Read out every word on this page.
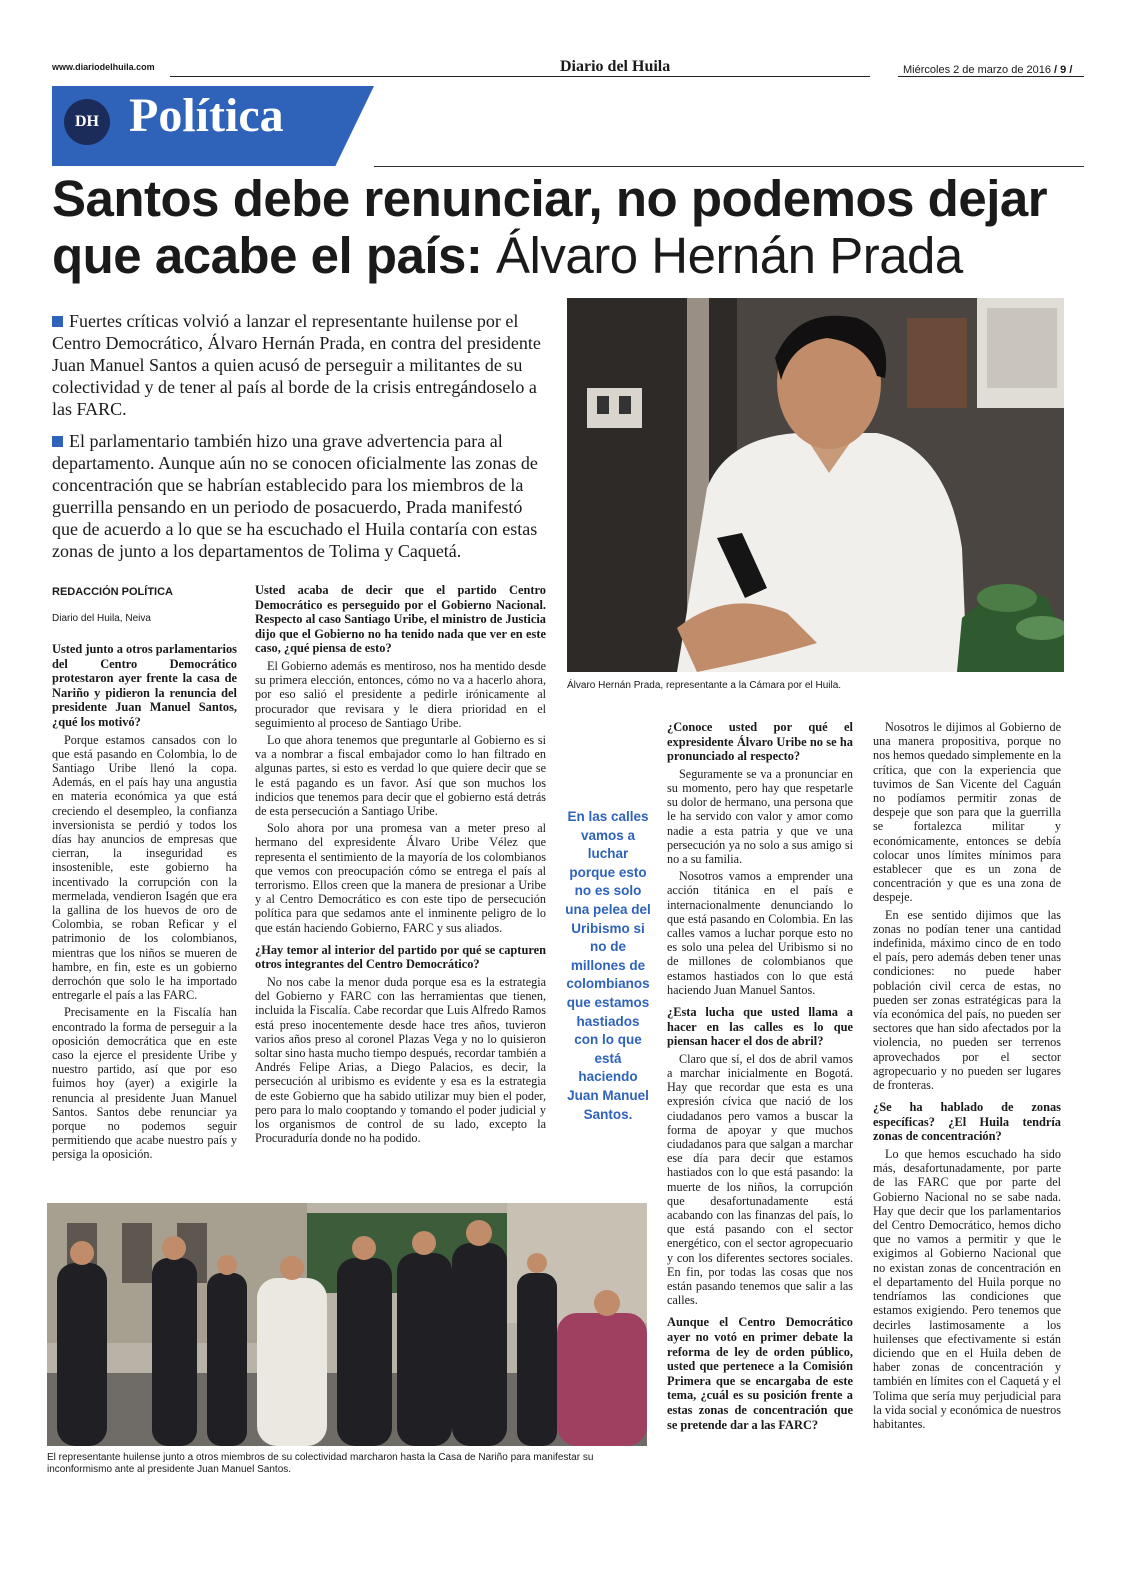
www.diariodelhuila.com	Diario del Huila	Miércoles 2 de marzo de 2016 / 9 /
DH Política
Santos debe renunciar, no podemos dejar que acabe el país: Álvaro Hernán Prada
Fuertes críticas volvió a lanzar el representante huilense por el Centro Democrático, Álvaro Hernán Prada, en contra del presidente Juan Manuel Santos a quien acusó de perseguir a militantes de su colectividad y de tener al país al borde de la crisis entregándoselo a las FARC.
El parlamentario también hizo una grave advertencia para al departamento. Aunque aún no se conocen oficialmente las zonas de concentración que se habrían establecido para los miembros de la guerrilla pensando en un periodo de posacuerdo, Prada manifestó que de acuerdo a lo que se ha escuchado el Huila contaría con estas zonas de junto a los departamentos de Tolima y Caquetá.
REDACCIÓN POLÍTICA
Diario del Huila, Neiva

Usted junto a otros parlamentarios del Centro Democrático protestaron ayer frente la casa de Nariño y pidieron la renuncia del presidente Juan Manuel Santos, ¿qué los motivó?

Porque estamos cansados con lo que está pasando en Colombia, lo de Santiago Uribe llenó la copa. Además, en el país hay una angustia en materia económica ya que está creciendo el desempleo, la confianza inversionista se perdió y todos los días hay anuncios de empresas que cierran, la inseguridad es insostenible, este gobierno ha incentivado la corrupción con la mermelada, vendieron Isagén que era la gallina de los huevos de oro de Colombia, se roban Reficar y el patrimonio de los colombianos, mientras que los niños se mueren de hambre, en fin, este es un gobierno derrochón que solo le ha importado entregarle el país a las FARC.

Precisamente en la Fiscalía han encontrado la forma de perseguir a la oposición democrática que en este caso la ejerce el presidente Uribe y nuestro partido, así que por eso fuimos hoy (ayer) a exigirle la renuncia al presidente Juan Manuel Santos. Santos debe renunciar ya porque no podemos seguir permitiendo que acabe nuestro país y persiga la oposición.

Usted acaba de decir que el partido Centro Democrático es perseguido por el Gobierno Nacional. Respecto al caso Santiago Uribe, el ministro de Justicia dijo que el Gobierno no ha tenido nada que ver en este caso, ¿qué piensa de esto?

El Gobierno además es mentiroso, nos ha mentido desde su primera elección, entonces, cómo no va a hacerlo ahora, por eso salió el presidente a pedirle irónicamente al procurador que revisara y le diera prioridad en el seguimiento al proceso de Santiago Uribe.

Lo que ahora tenemos que preguntarle al Gobierno es si va a nombrar a fiscal embajador como lo han filtrado en algunas partes, si esto es verdad lo que quiere decir que se le está pagando es un favor. Así que son muchos los indicios que tenemos para decir que el gobierno está detrás de esta persecución a Santiago Uribe.

Solo ahora por una promesa van a meter preso al hermano del expresidente Álvaro Uribe Vélez que representa el sentimiento de la mayoría de los colombianos que vemos con preocupación cómo se entrega el país al terrorismo. Ellos creen que la manera de presionar a Uribe y al Centro Democrático es con este tipo de persecución política para que sedamos ante el inminente peligro de lo que están haciendo Gobierno, FARC y sus aliados.

¿Hay temor al interior del partido por qué se capturen otros integrantes del Centro Democrático?

No nos cabe la menor duda porque esa es la estrategia del Gobierno y FARC con las herramientas que tienen, incluida la Fiscalía. Cabe recordar que Luis Alfredo Ramos está preso inocentemente desde hace tres años, tuvieron varios años preso al coronel Plazas Vega y no lo quisieron soltar sino hasta mucho tiempo después, recordar también a Andrés Felipe Arias, a Diego Palacios, es decir, la persecución al uribismo es evidente y esa es la estrategia de este Gobierno que ha sabido utilizar muy bien el poder, pero para lo malo cooptando y tomando el poder judicial y los organismos de control de su lado, excepto la Procuraduría donde no ha podido.

Álvaro Hernán Prada, representante a la Cámara por el Huila.
En las calles vamos a luchar porque esto no es solo una pelea del Uribismo si no de millones de colombianos que estamos hastiados con lo que está haciendo Juan Manuel Santos.

¿Conoce usted por qué el expresidente Álvaro Uribe no se ha pronunciado al respecto?

Seguramente se va a pronunciar en su momento, pero hay que respetarle su dolor de hermano, una persona que le ha servido con valor y amor como nadie a esta patria y que ve una persecución ya no solo a sus amigo si no a su familia.

Nosotros vamos a emprender una acción titánica en el país e internacionalmente denunciando lo que está pasando en Colombia. En las calles vamos a luchar porque esto no es solo una pelea del Uribismo si no de millones de colombianos que estamos hastiados con lo que está haciendo Juan Manuel Santos.

¿Esta lucha que usted llama a hacer en las calles es lo que piensan hacer el dos de abril?

Claro que sí, el dos de abril vamos a marchar inicialmente en Bogotá. Hay que recordar que esta es una expresión cívica que nació de los ciudadanos pero vamos a buscar la forma de apoyar y que muchos ciudadanos para que salgan a marchar ese día para decir que estamos hastiados con lo que está pasando: la muerte de los niños, la corrupción que desafortunadamente está acabando con las finanzas del país, lo que está pasando con el sector energético, con el sector agropecuario y con los diferentes sectores sociales. En fin, por todas las cosas que nos están pasando tenemos que salir a las calles.

Aunque el Centro Democrático ayer no votó en primer debate la reforma de ley de orden público, usted que pertenece a la Comisión Primera que se encargaba de este tema, ¿cuál es su posición frente a estas zonas de concentración que se pretende dar a las FARC?

Nosotros le dijimos al Gobierno de una manera propositiva, porque no nos hemos quedado simplemente en la crítica, que con la experiencia que tuvimos de San Vicente del Caguán no podíamos permitir zonas de despeje que son para que la guerrilla se fortalezca militar y económicamente, entonces se debía colocar unos límites mínimos para establecer que es un zona de concentración y que es una zona de despeje.

En ese sentido dijimos que las zonas no podían tener una cantidad indefinida, máximo cinco de en todo el país, pero además deben tener unas condiciones: no puede haber población civil cerca de estas, no pueden ser zonas estratégicas para la vía económica del país, no pueden ser sectores que han sido afectados por la violencia, no pueden ser terrenos aprovechados por el sector agropecuario y no pueden ser lugares de fronteras.

¿Se ha hablado de zonas específicas? ¿El Huila tendría zonas de concentración?

Lo que hemos escuchado ha sido más, desafortunadamente, por parte de las FARC que por parte del Gobierno Nacional no se sabe nada. Hay que decir que los parlamentarios del Centro Democrático, hemos dicho que no vamos a permitir y que le exigimos al Gobierno Nacional que no existan zonas de concentración en el departamento del Huila porque no tendríamos las condiciones que estamos exigiendo. Pero tenemos que decirles lastimosamente a los huilenses que efectivamente si están diciendo que en el Huila deben de haber zonas de concentración y también en límites con el Caquetá y el Tolima que sería muy perjudicial para la vida social y económica de nuestros habitantes.

El representante huilense junto a otros miembros de su colectividad marcharon hasta la Casa de Nariño para manifestar su inconformismo ante al presidente Juan Manuel Santos.
